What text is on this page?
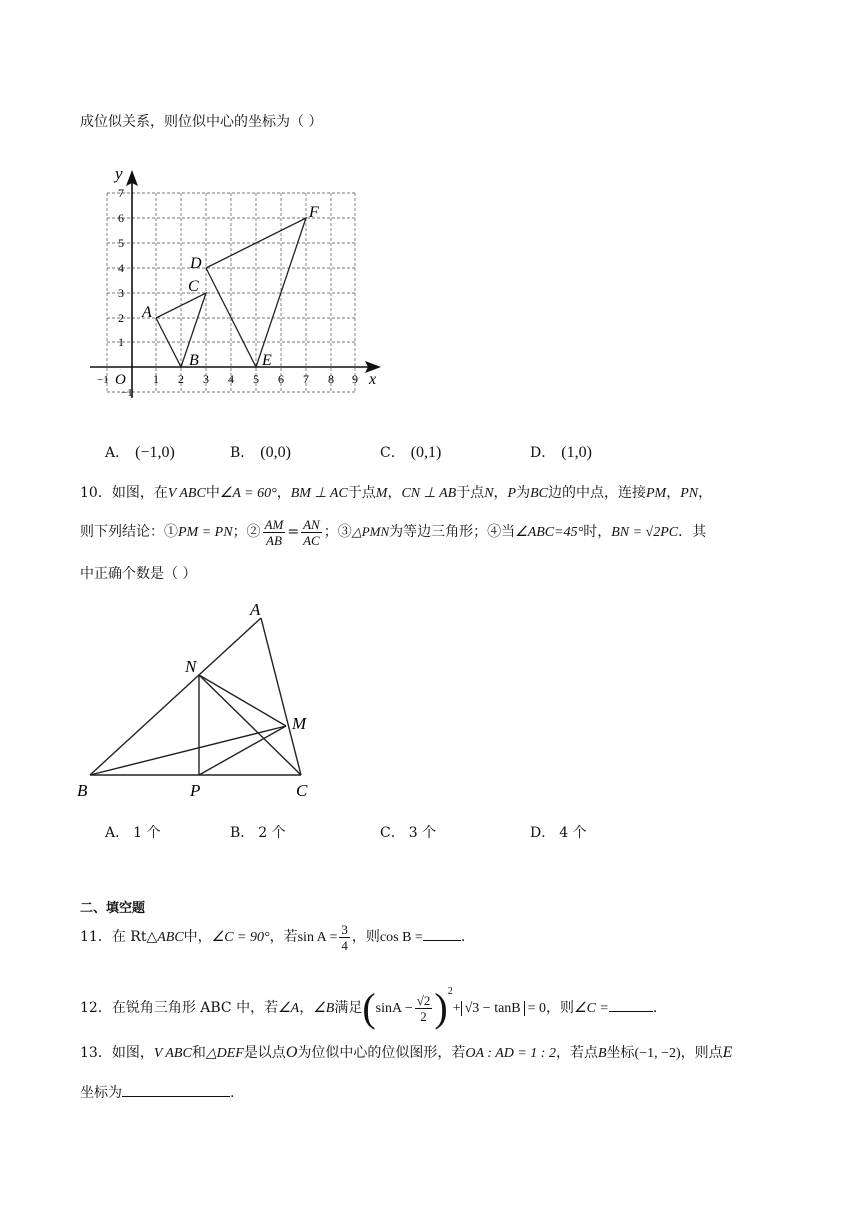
成位似关系，则位似中心的坐标为（ ）
y
x
O
−1
−1
1 2 3 4 5 6 7 8 9
1
2
3
4
5
6
7
A
B
C
D
E
F
A． (−1,0)	B． (0,0)	C． (0,1)	D． (1,0)
10．如图，在V ABC中∠A = 60°，BM ⊥ AC于点M，CN ⊥ AB于点N，P为BC边的中点，连接PM，PN，
则下列结论：①PM = PN；② $\frac{AM}{AB} = \frac{AN}{AC}$ ；③△PMN为等边三角形；④当∠ABC=45°时，BN = √2PC．其
中正确个数是（ ）
A
N
M
B	P	C
A． 1 个	B． 2 个	C． 3 个	D． 4 个
二、填空题
11．在 Rt△ABC中，∠C = 90°，若$\sin A = \frac{3}{4}$ ，则cos B =	.
12．在锐角三角形 ABC 中，若∠A，∠B满足$(\sin A - \frac{√2}{2} )^2+ √3 - \tan B = 0$，则∠C =	.
13．如图，V ABC和△DEF是以点O为位似中心的位似图形，若OA : AD = 1 : 2，若点B坐标(−1, −2)，则点E
坐标为	.
